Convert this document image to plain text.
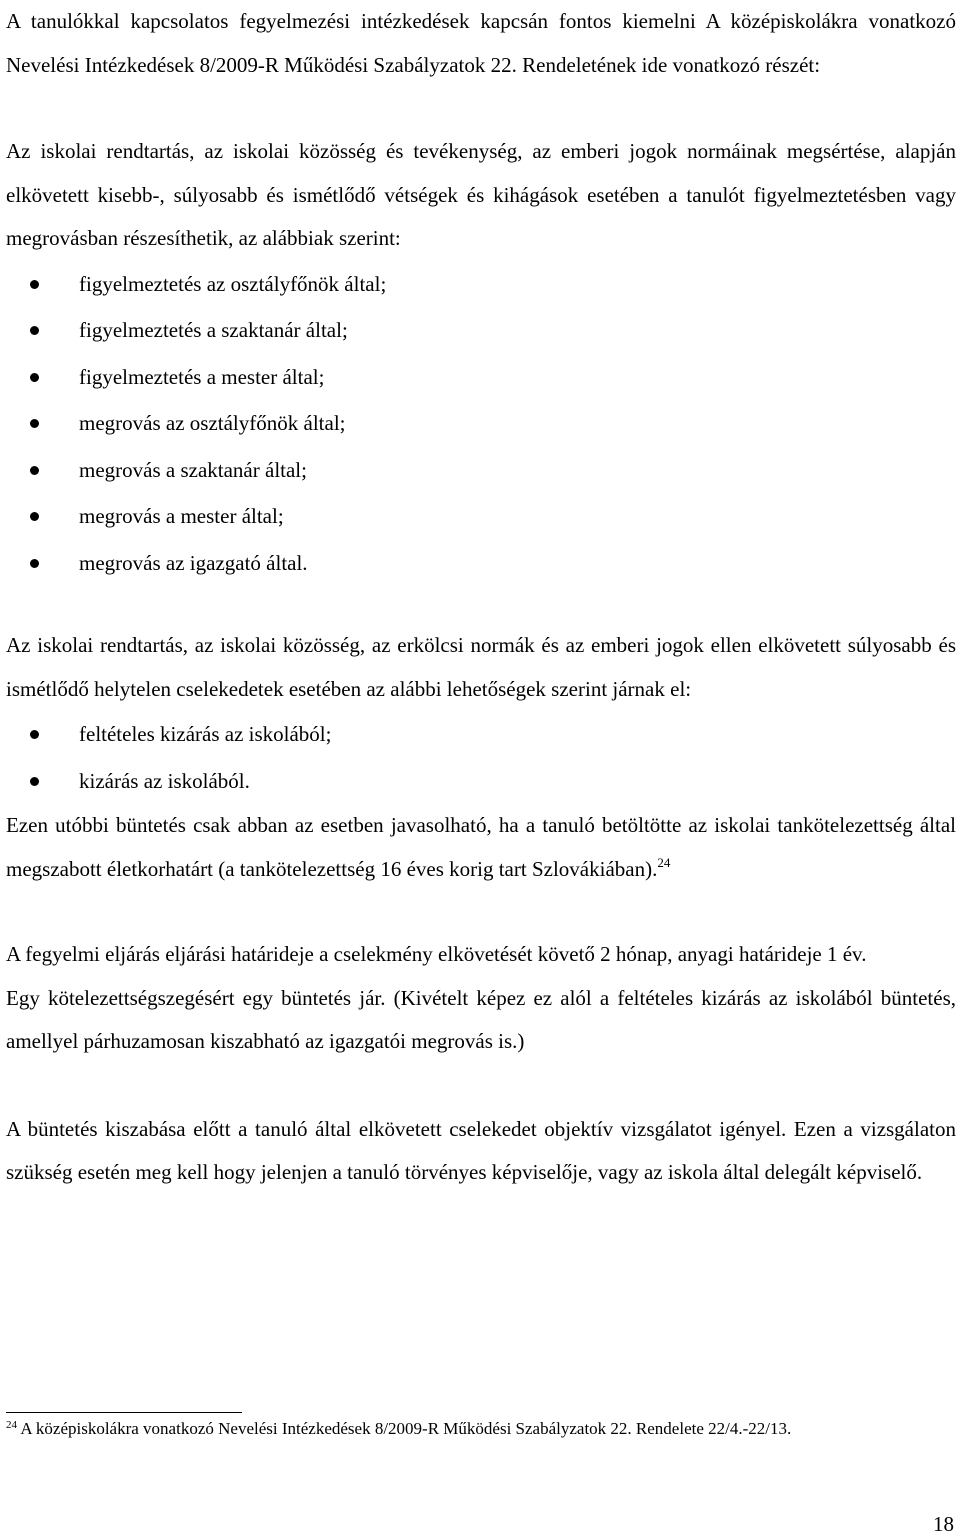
A tanulókkal kapcsolatos fegyelmezési intézkedések kapcsán fontos kiemelni A középiskolákra vonatkozó Nevelési Intézkedések 8/2009-R Működési Szabályzatok 22. Rendeletének ide vonatkozó részét:

Az iskolai rendtartás, az iskolai közösség és tevékenység, az emberi jogok normáinak megsértése, alapján elkövetett kisebb-, súlyosabb és ismétlődő vétségek és kihágások esetében a tanulót figyelmeztetésben vagy megrovásban részesíthetik, az alábbiak szerint:

figyelmeztetés az osztályfőnök által;
figyelmeztetés a szaktanár által;
figyelmeztetés a mester által;
megrovás az osztályfőnök által;
megrovás a szaktanár által;
megrovás a mester által;
megrovás az igazgató által.

Az iskolai rendtartás, az iskolai közösség, az erkölcsi normák és az emberi jogok ellen elkövetett súlyosabb és ismétlődő helytelen cselekedetek esetében az alábbi lehetőségek szerint járnak el:

feltételes kizárás az iskolából;
kizárás az iskolából.

Ezen utóbbi büntetés csak abban az esetben javasolható, ha a tanuló betöltötte az iskolai tankötelezettség által megszabott életkorhatárt (a tankötelezettség 16 éves korig tart Szlovákiában).$^{24}$

A fegyelmi eljárás eljárási határideje a cselekmény elkövetését követő 2 hónap, anyagi határideje 1 év.

Egy kötelezettségszegésért egy büntetés jár. (Kivételt képez ez alól a feltételes kizárás az iskolából büntetés, amellyel párhuzamosan kiszabható az igazgatói megrovás is.)

A büntetés kiszabása előtt a tanuló által elkövetett cselekedet objektív vizsgálatot igényel. Ezen a vizsgálaton szükség esetén meg kell hogy jelenjen a tanuló törvényes képviselője, vagy az iskola által delegált képviselő.

$^{24}$ A középiskolákra vonatkozó Nevelési Intézkedések 8/2009-R Működési Szabályzatok 22. Rendelete 22/4.-22/13.
18
